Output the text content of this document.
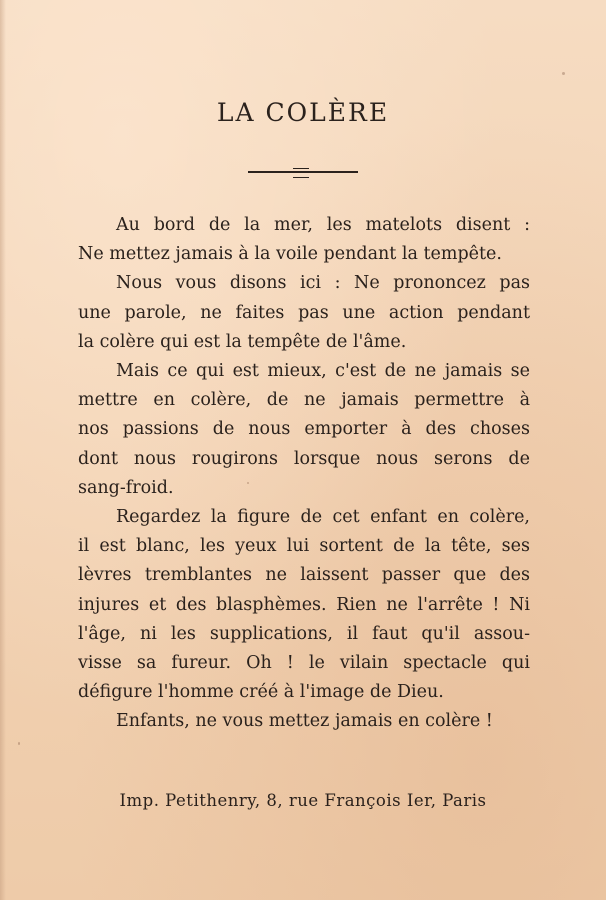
LA COLÈRE
Au bord de la mer, les matelots disent :
Ne mettez jamais à la voile pendant la tempête.
Nous vous disons ici : Ne prononcez pas
une parole, ne faites pas une action pendant
la colère qui est la tempête de l'âme.
Mais ce qui est mieux, c'est de ne jamais se
mettre en colère, de ne jamais permettre à
nos passions de nous emporter à des choses
dont nous rougirons lorsque nous serons de
sang-froid.
Regardez la figure de cet enfant en colère,
il est blanc, les yeux lui sortent de la tête, ses
lèvres tremblantes ne laissent passer que des
injures et des blasphèmes. Rien ne l'arrête ! Ni
l'âge, ni les supplications, il faut qu'il assou-
visse sa fureur. Oh ! le vilain spectacle qui
défigure l'homme créé à l'image de Dieu.
Enfants, ne vous mettez jamais en colère !
Imp. Petithenry, 8, rue François Ier, Paris
